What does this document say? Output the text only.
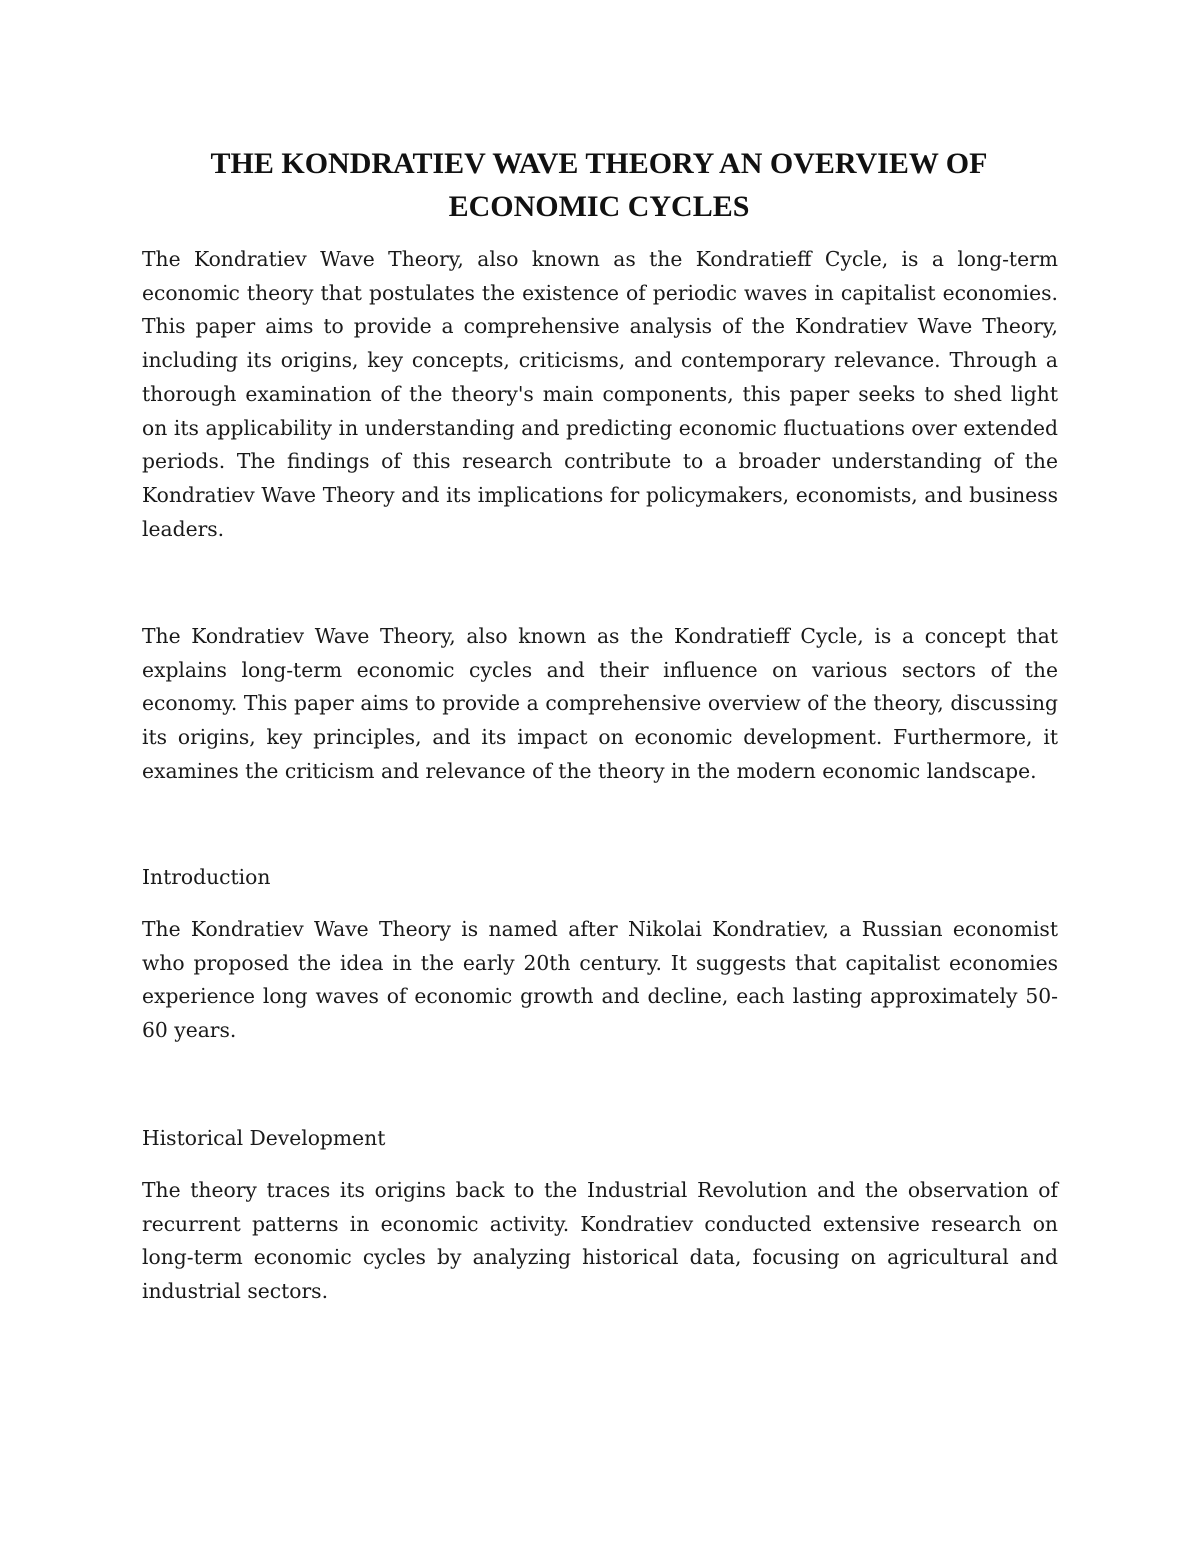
THE KONDRATIEV WAVE THEORY AN OVERVIEW OF
ECONOMIC CYCLES

The Kondratiev Wave Theory, also known as the Kondratieff Cycle, is a long-term economic theory that postulates the existence of periodic waves in capitalist economies. This paper aims to provide a comprehensive analysis of the Kondratiev Wave Theory, including its origins, key concepts, criticisms, and contemporary relevance. Through a thorough examination of the theory's main components, this paper seeks to shed light on its applicability in understanding and predicting economic fluctuations over extended periods. The findings of this research contribute to a broader understanding of the Kondratiev Wave Theory and its implications for policymakers, economists, and business leaders.

The Kondratiev Wave Theory, also known as the Kondratieff Cycle, is a concept that explains long-term economic cycles and their influence on various sectors of the economy. This paper aims to provide a comprehensive overview of the theory, discussing its origins, key principles, and its impact on economic development. Furthermore, it examines the criticism and relevance of the theory in the modern economic landscape.

Introduction

The Kondratiev Wave Theory is named after Nikolai Kondratiev, a Russian economist who proposed the idea in the early 20th century. It suggests that capitalist economies experience long waves of economic growth and decline, each lasting approximately 50-60 years.

Historical Development

The theory traces its origins back to the Industrial Revolution and the observation of recurrent patterns in economic activity. Kondratiev conducted extensive research on long-term economic cycles by analyzing historical data, focusing on agricultural and industrial sectors.
